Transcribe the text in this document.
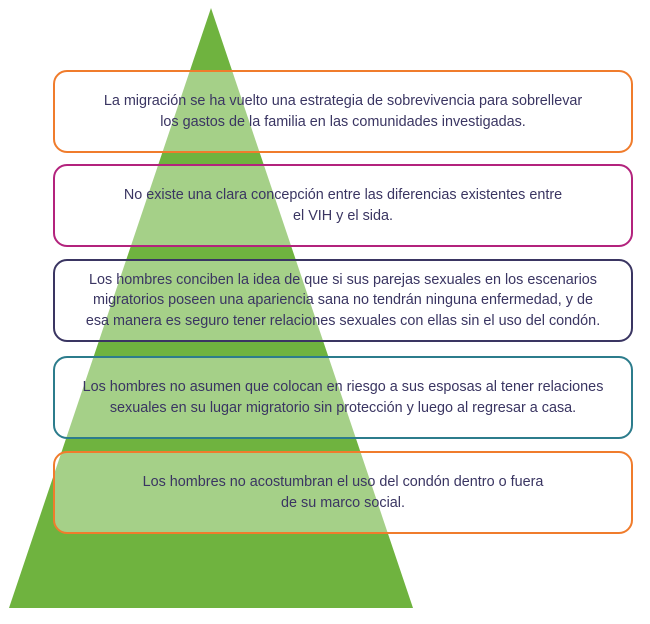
La migración se ha vuelto una estrategia de sobrevivencia para sobrellevar
los gastos de la familia en las comunidades investigadas.
No existe una clara concepción entre las diferencias existentes entre
el VIH y el sida.
Los hombres conciben la idea de que si sus parejas sexuales en los escenarios
migratorios poseen una apariencia sana no tendrán ninguna enfermedad, y de
esa manera es seguro tener relaciones sexuales con ellas sin el uso del condón.
Los hombres no asumen que colocan en riesgo a sus esposas al tener relaciones
sexuales en su lugar migratorio sin protección y luego al regresar a casa.
Los hombres no acostumbran el uso del condón dentro o fuera
de su marco social.
